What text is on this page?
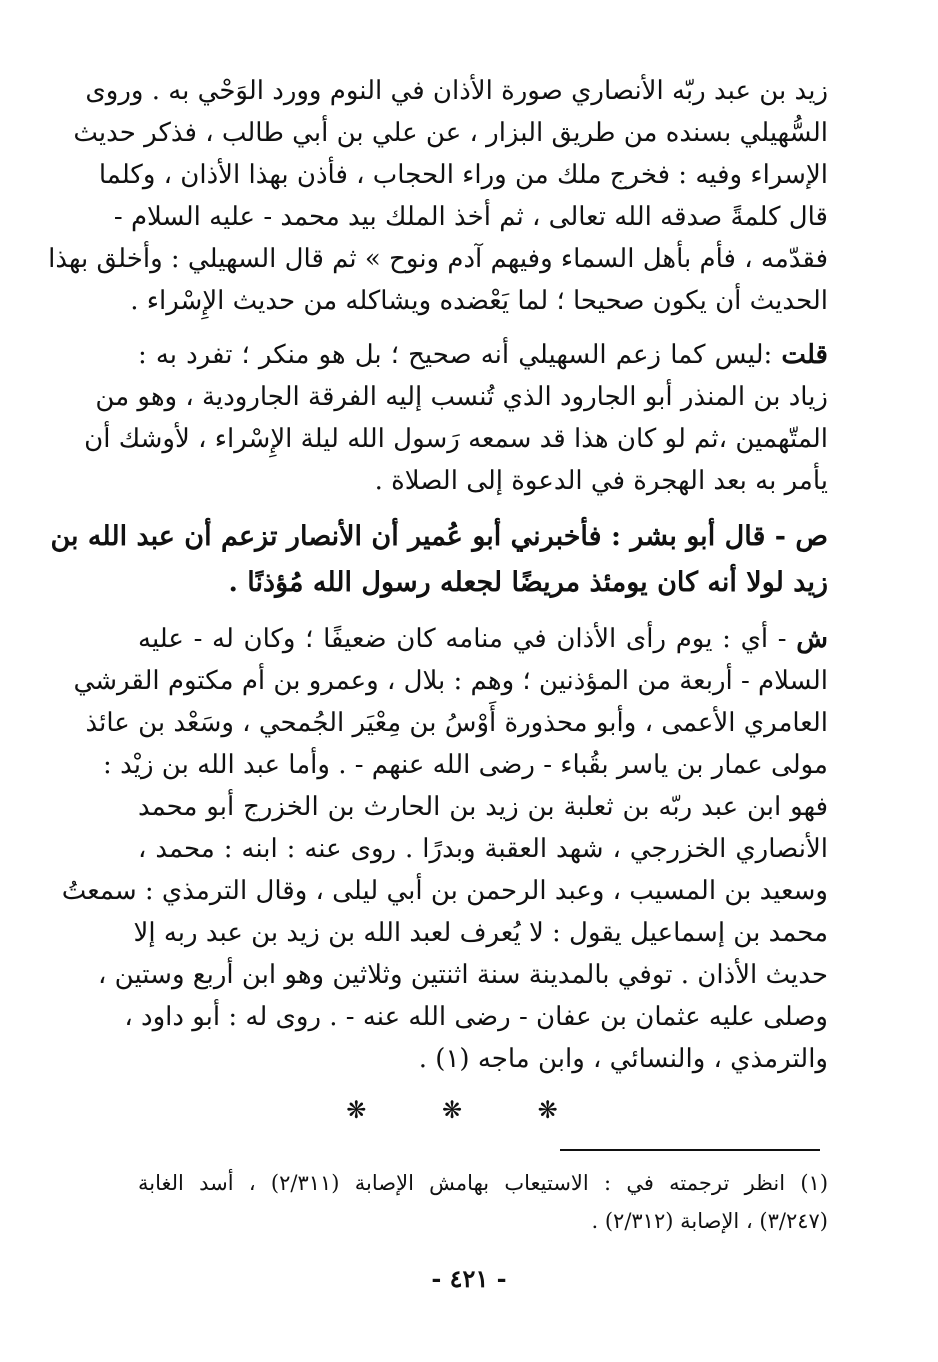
زيد بن عبد ربّه الأنصاري صورة الأذان في النوم وورد الوَحْي به . وروى
السُّهيلي بسنده من طريق البزار ، عن علي بن أبي طالب ، فذكر حديث
الإسراء وفيه : فخرج ملك من وراء الحجاب ، فأذن بهذا الأذان ، وكلما
قال كلمةً صدقه الله تعالى ، ثم أخذ الملك بيد محمد - عليه السلام -
فقدّمه ، فأم بأهل السماء وفيهم آدم ونوح » ثم قال السهيلي : وأخلق بهذا
الحديث أن يكون صحيحا ؛ لما يَعْضده ويشاكله من حديث الإِسْراء .
قلت :ليس كما زعم السهيلي أنه صحيح ؛ بل هو منكر ؛ تفرد به :
زياد بن المنذر أبو الجارود الذي تُنسب إليه الفرقة الجارودية ، وهو من
المتّهمين ،ثم لو كان هذا قد سمعه رَسول الله ليلة الإِسْراء ، لأوشك أن
يأمر به بعد الهجرة في الدعوة إلى الصلاة .
ص - قال أبو بشر : فأخبرني أبو عُمير أن الأنصار تزعم أن عبد الله بن
زيد لولا أنه كان يومئذ مريضًا لجعله رسول الله مُؤذنًا .
ش - أي : يوم رأى الأذان في منامه كان ضعيفًا ؛ وكان له - عليه
السلام - أربعة من المؤذنين ؛ وهم : بلال ، وعمرو بن أم مكتوم القرشي
العامري الأعمى ، وأبو محذورة أَوْسُ بن مِعْيَر الجُمحي ، وسَعْد بن عائذ
مولى عمار بن ياسر بقُباء - رضى الله عنهم - . وأما عبد الله بن زيْد :
فهو ابن عبد ربّه بن ثعلبة بن زيد بن الحارث بن الخزرج أبو محمد
الأنصاري الخزرجي ، شهد العقبة وبدرًا . روى عنه : ابنه : محمد ،
وسعيد بن المسيب ، وعبد الرحمن بن أبي ليلى ، وقال الترمذي : سمعتُ
محمد بن إسماعيل يقول : لا يُعرف لعبد الله بن زيد بن عبد ربه إلا
حديث الأذان . توفي بالمدينة سنة اثنتين وثلاثين وهو ابن أربع وستين ،
وصلى عليه عثمان بن عفان - رضى الله عنه - . روى له : أبو داود ،
والترمذي ، والنسائي ، وابن ماجه (١) .
❋ ❋ ❋
(١) انظر ترجمته في : الاستيعاب بهامش الإصابة (٢/٣١١) ، أسد الغابة
(٣/٢٤٧) ، الإصابة (٢/٣١٢) .
- ٤٢١ -
